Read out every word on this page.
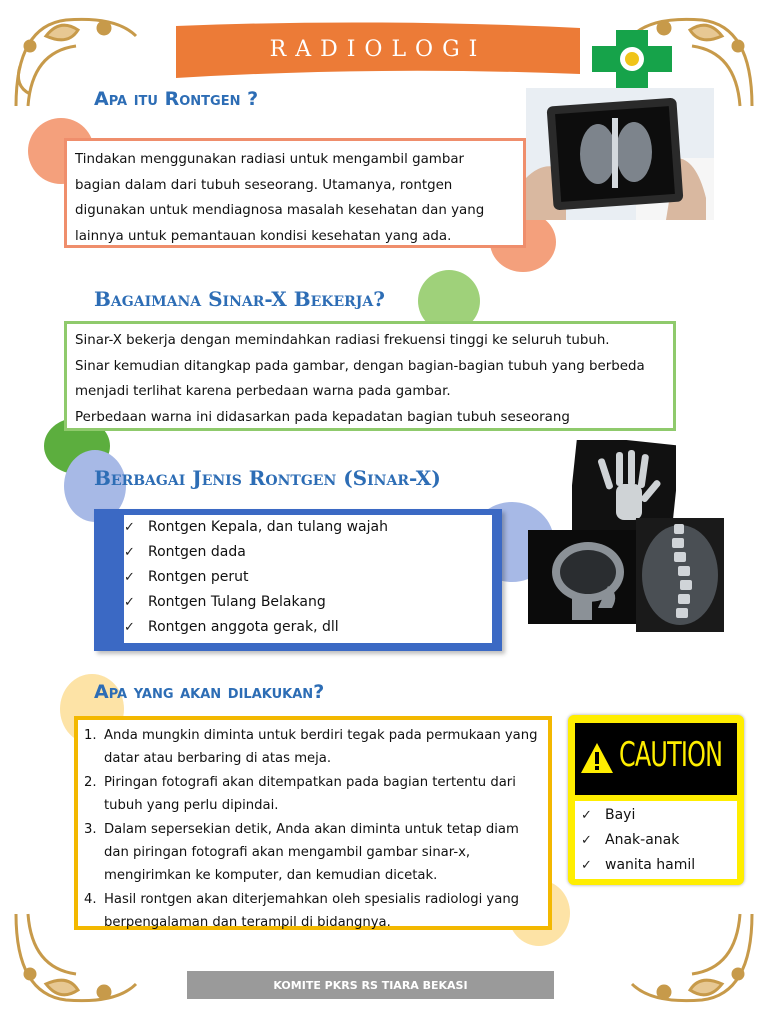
RADIOLOGI
Apa itu Rontgen ?
Tindakan menggunakan radiasi untuk mengambil gambar
bagian dalam dari tubuh seseorang. Utamanya, rontgen
digunakan untuk mendiagnosa masalah kesehatan dan yang
lainnya untuk pemantauan kondisi kesehatan yang ada.
Bagaimana Sinar-X Bekerja?
Sinar-X bekerja dengan memindahkan radiasi frekuensi tinggi ke seluruh tubuh.
Sinar kemudian ditangkap pada gambar, dengan bagian-bagian tubuh yang berbeda
menjadi terlihat karena perbedaan warna pada gambar.
Perbedaan warna ini didasarkan pada kepadatan bagian tubuh seseorang
Berbagai Jenis Rontgen (Sinar-X)
✓ Rontgen Kepala, dan tulang wajah
✓ Rontgen dada
✓ Rontgen perut
✓ Rontgen Tulang Belakang
✓ Rontgen anggota gerak, dll
Apa yang akan dilakukan?
1. Anda mungkin diminta untuk berdiri tegak pada permukaan yang datar atau berbaring di atas meja.
2. Piringan fotografi akan ditempatkan pada bagian tertentu dari tubuh yang perlu dipindai.
3. Dalam sepersekian detik, Anda akan diminta untuk tetap diam dan piringan fotografi akan mengambil gambar sinar-x, mengirimkan ke komputer, dan kemudian dicetak.
4. Hasil rontgen akan diterjemahkan oleh spesialis radiologi yang berpengalaman dan terampil di bidangnya.
CAUTION
✓ Bayi
✓ Anak-anak
✓ wanita hamil
KOMITE PKRS RS TIARA BEKASI
